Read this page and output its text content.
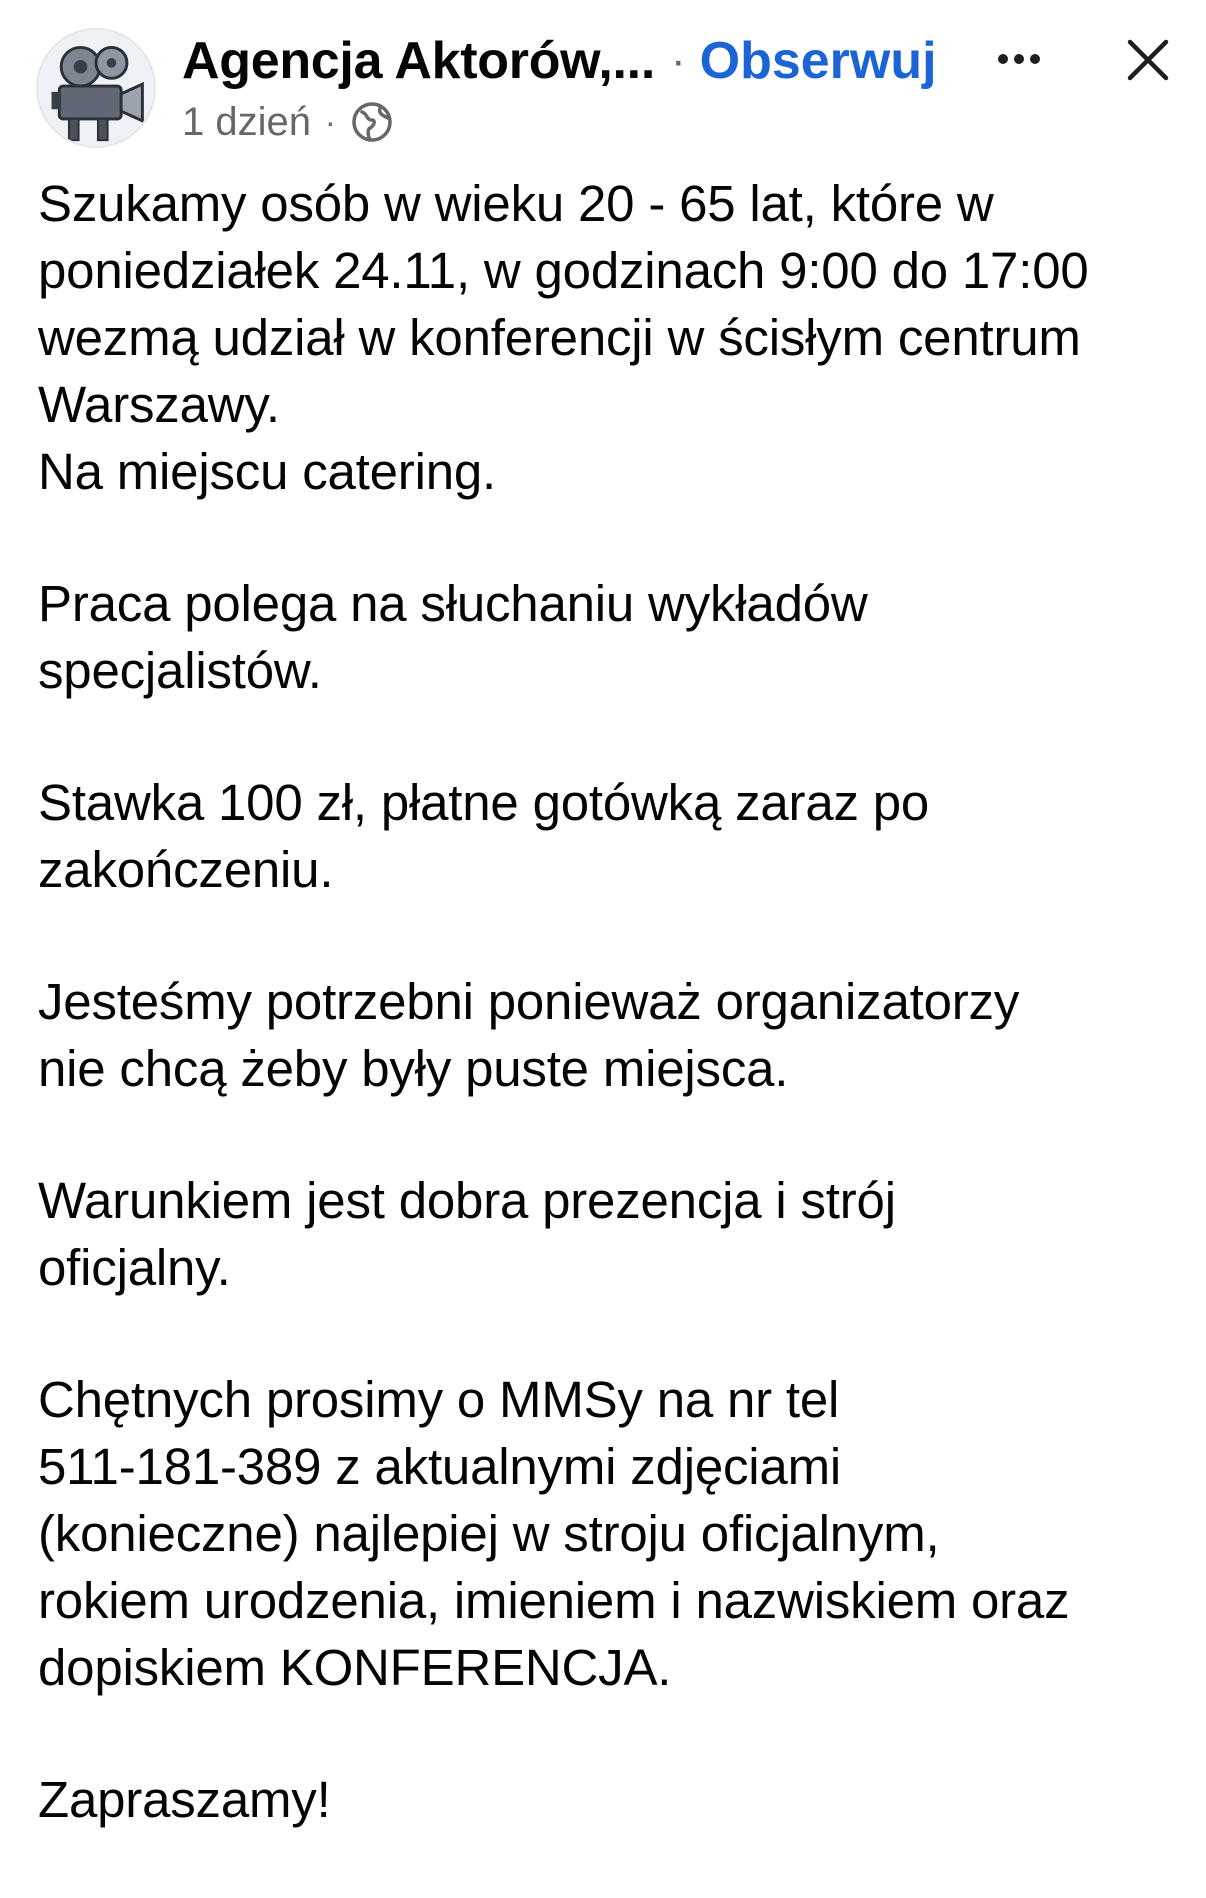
Agencja Aktorów,... · Obserwuj
1 dzień ·

Szukamy osób w wieku 20 - 65 lat, które w
poniedziałek 24.11, w godzinach 9:00 do 17:00
wezmą udział w konferencji w ścisłym centrum
Warszawy.
Na miejscu catering.

Praca polega na słuchaniu wykładów
specjalistów.

Stawka 100 zł, płatne gotówką zaraz po
zakończeniu.

Jesteśmy potrzebni ponieważ organizatorzy
nie chcą żeby były puste miejsca.

Warunkiem jest dobra prezencja i strój
oficjalny.

Chętnych prosimy o MMSy na nr tel
511-181-389 z aktualnymi zdjęciami
(konieczne) najlepiej w stroju oficjalnym,
rokiem urodzenia, imieniem i nazwiskiem oraz
dopiskiem KONFERENCJA.

Zapraszamy!
